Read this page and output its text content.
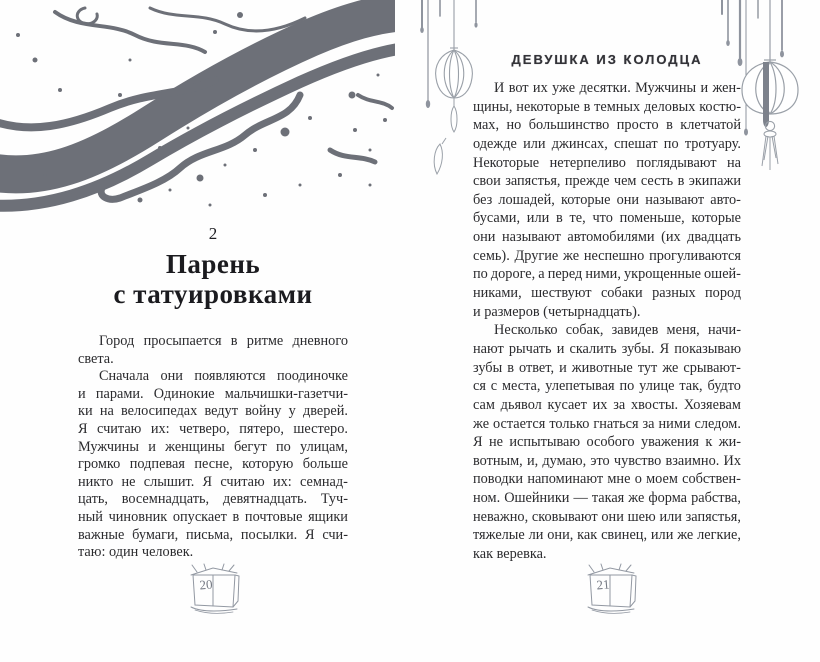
2
Парень
с татуировками
Город просыпается в ритме дневного
света.
Сначала они появляются поодиночке
и парами. Одинокие мальчишки-газетчи-
ки на велосипедах ведут войну у дверей.
Я считаю их: четверо, пятеро, шестеро.
Мужчины и женщины бегут по улицам,
громко подпевая песне, которую больше
никто не слышит. Я считаю их: семнад-
цать, восемнадцать, девятнадцать. Туч-
ный чиновник опускает в почтовые ящики
важные бумаги, письма, посылки. Я счи-
таю: один человек.
20
ДЕВУШКА ИЗ КОЛОДЦА
И вот их уже десятки. Мужчины и жен-
щины, некоторые в темных деловых костю-
мах, но большинство просто в клетчатой
одежде или джинсах, спешат по тротуару.
Некоторые нетерпеливо поглядывают на
свои запястья, прежде чем сесть в экипажи
без лошадей, которые они называют авто-
бусами, или в те, что поменьше, которые
они называют автомобилями (их двадцать
семь). Другие же неспешно прогуливаются
по дороге, а перед ними, укрощенные ошей-
никами, шествуют собаки разных пород
и размеров (четырнадцать).
Несколько собак, завидев меня, начи-
нают рычать и скалить зубы. Я показываю
зубы в ответ, и животные тут же срывают-
ся с места, улепетывая по улице так, будто
сам дьявол кусает их за хвосты. Хозяевам
же остается только гнаться за ними следом.
Я не испытываю особого уважения к жи-
вотным, и, думаю, это чувство взаимно. Их
поводки напоминают мне о моем собствен-
ном. Ошейники — такая же форма рабства,
неважно, сковывают они шею или запястья,
тяжелые ли они, как свинец, или же легкие,
как веревка.
21
